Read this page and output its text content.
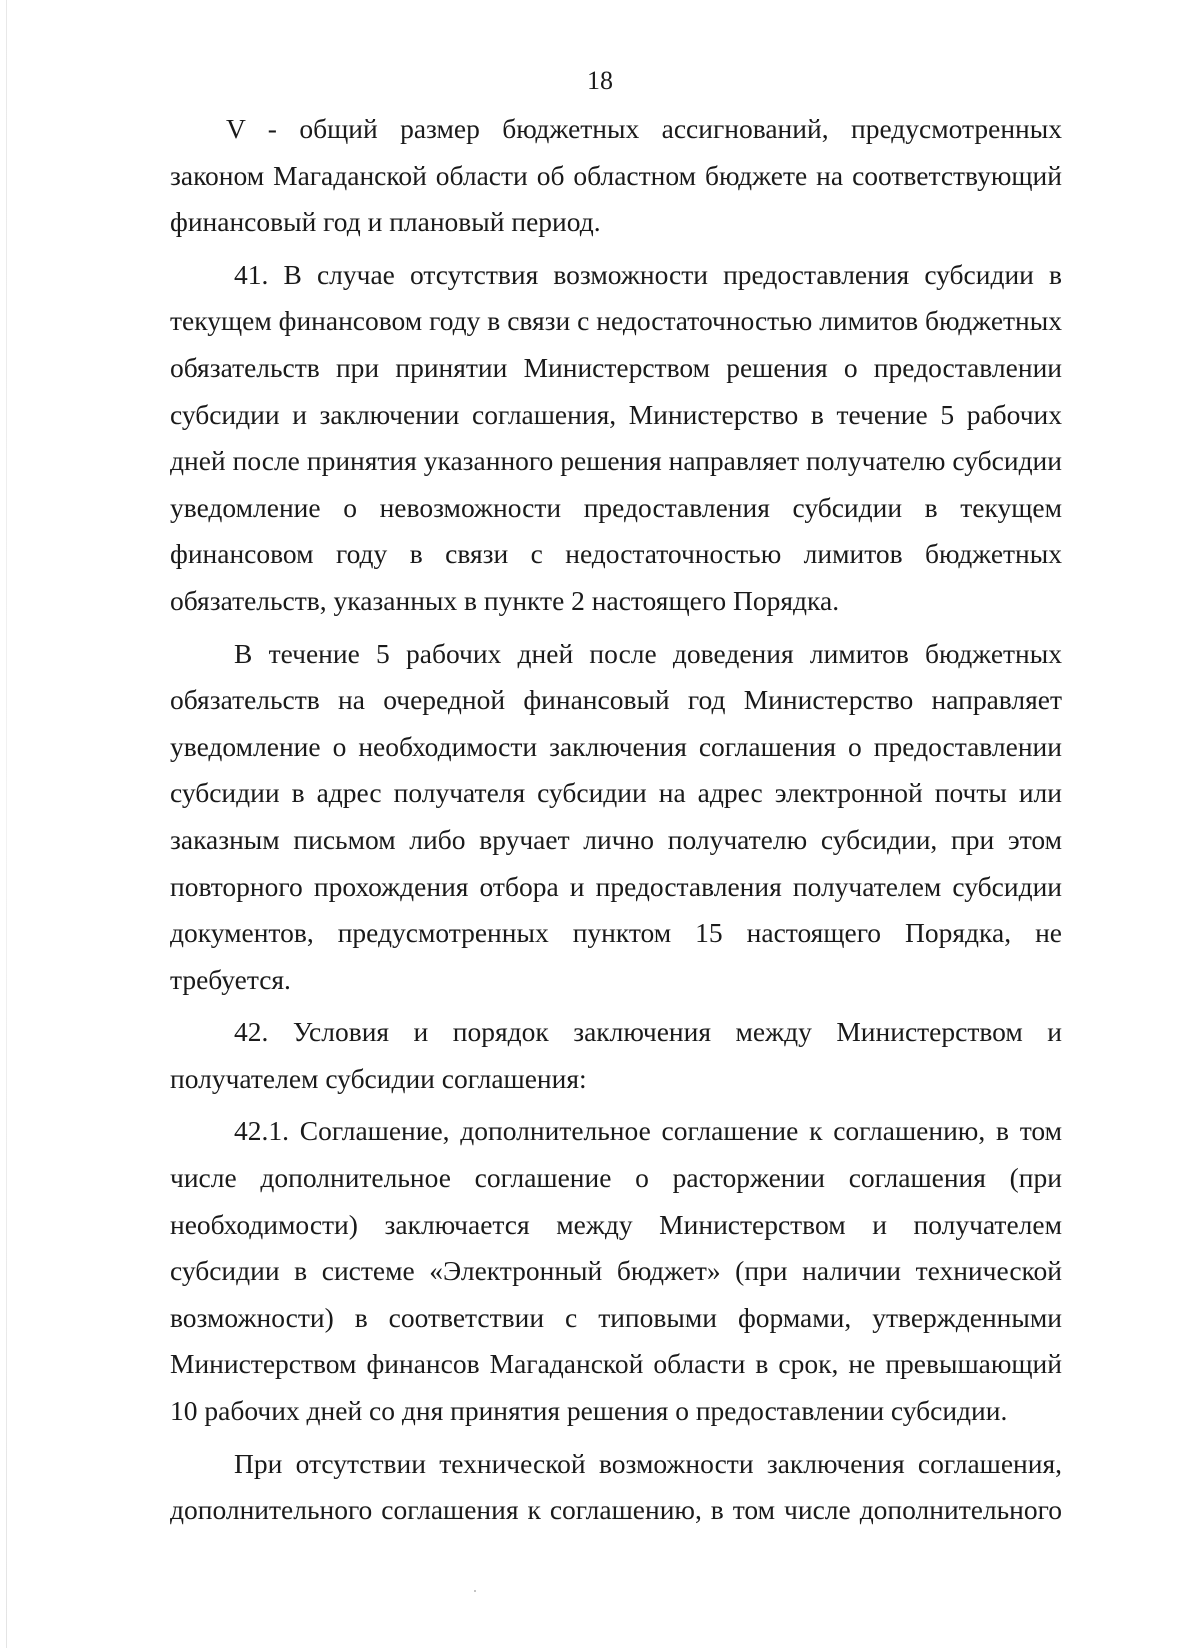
18

V - общий размер бюджетных ассигнований, предусмотренных законом Магаданской области об областном бюджете на соответствующий финансовый год и плановый период.

41. В случае отсутствия возможности предоставления субсидии в текущем финансовом году в связи с недостаточностью лимитов бюджетных обязательств при принятии Министерством решения о предоставлении субсидии и заключении соглашения, Министерство в течение 5 рабочих дней после принятия указанного решения направляет получателю субсидии уведомление о невозможности предоставления субсидии в текущем финансовом году в связи с недостаточностью лимитов бюджетных обязательств, указанных в пункте 2 настоящего Порядка.

В течение 5 рабочих дней после доведения лимитов бюджетных обязательств на очередной финансовый год Министерство направляет уведомление о необходимости заключения соглашения о предоставлении субсидии в адрес получателя субсидии на адрес электронной почты или заказным письмом либо вручает лично получателю субсидии, при этом повторного прохождения отбора и предоставления получателем субсидии документов, предусмотренных пунктом 15 настоящего Порядка, не требуется.

42. Условия и порядок заключения между Министерством и получателем субсидии соглашения:

42.1. Соглашение, дополнительное соглашение к соглашению, в том числе дополнительное соглашение о расторжении соглашения (при необходимости) заключается между Министерством и получателем субсидии в системе «Электронный бюджет» (при наличии технической возможности) в соответствии с типовыми формами, утвержденными Министерством финансов Магаданской области в срок, не превышающий 10 рабочих дней со дня принятия решения о предоставлении субсидии.

При отсутствии технической возможности заключения соглашения, дополнительного соглашения к соглашению, в том числе дополнительного
